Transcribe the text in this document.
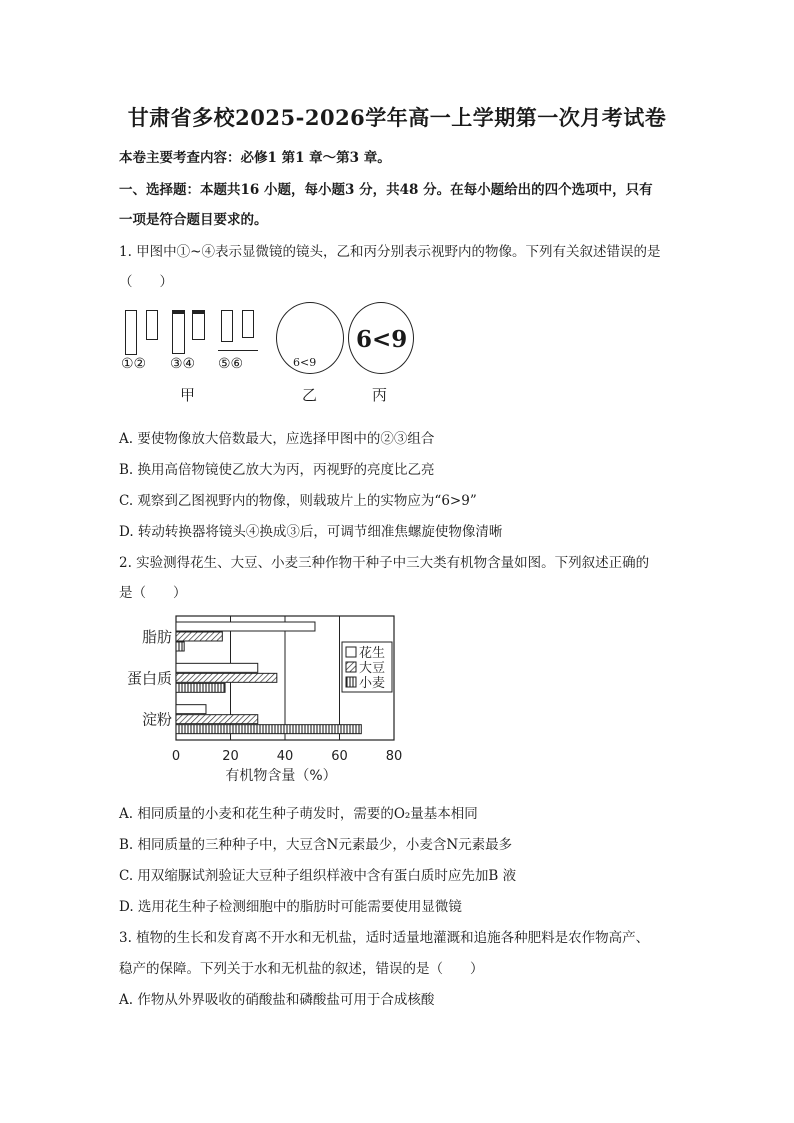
甘肃省多校2025-2026学年高一上学期第一次月考试卷
本卷主要考查内容：必修1 第1 章～第3 章。
一、选择题：本题共16 小题，每小题3 分，共48 分。在每小题给出的四个选项中，只有
一项是符合题目要求的。
1. 甲图中①~④表示显微镜的镜头，乙和丙分别表示视野内的物像。下列有关叙述错误的是
（　　）
①② ③④ ⑤⑥
甲
6<9
乙
6<9
丙
A. 要使物像放大倍数最大，应选择甲图中的②③组合
B. 换用高倍物镜使乙放大为丙，丙视野的亮度比乙亮
C. 观察到乙图视野内的物像，则载玻片上的实物应为“6>9”
D. 转动转换器将镜头④换成③后，可调节细准焦螺旋使物像清晰
2. 实验测得花生、大豆、小麦三种作物干种子中三大类有机物含量如图。下列叙述正确的
是（　　）
脂肪
蛋白质
淀粉
0	20	40	60	80
花生
大豆
小麦
有机物含量（%）
A. 相同质量的小麦和花生种子萌发时，需要的O₂量基本相同
B. 相同质量的三种种子中，大豆含N元素最少，小麦含N元素最多
C. 用双缩脲试剂验证大豆种子组织样液中含有蛋白质时应先加B 液
D. 选用花生种子检测细胞中的脂肪时可能需要使用显微镜
3. 植物的生长和发育离不开水和无机盐，适时适量地灌溉和追施各种肥料是农作物高产、
稳产的保障。下列关于水和无机盐的叙述，错误的是（　　）
A. 作物从外界吸收的硝酸盐和磷酸盐可用于合成核酸
